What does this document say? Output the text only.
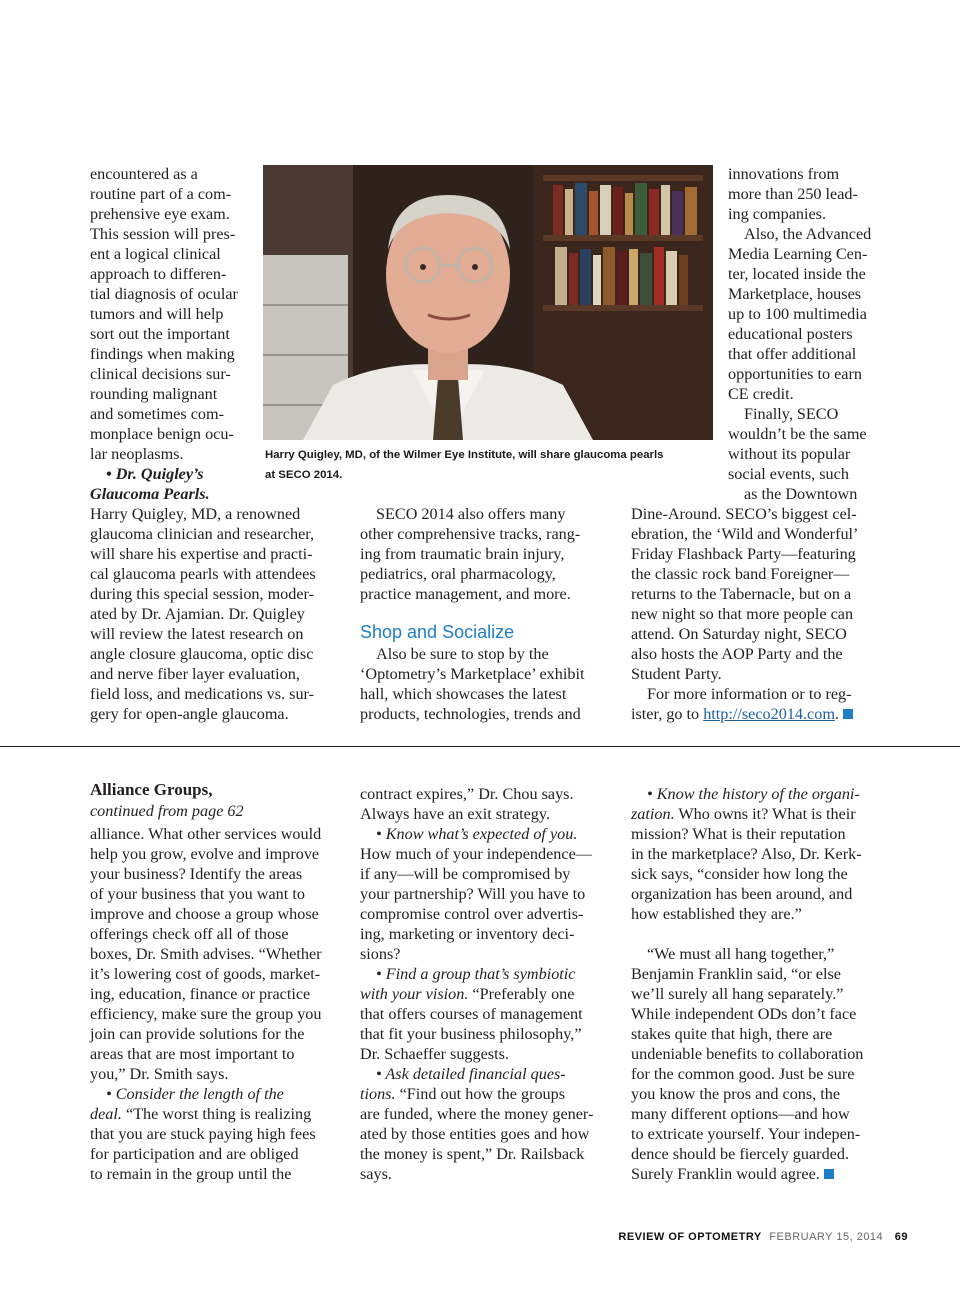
encountered as a
routine part of a com-
prehensive eye exam.
This session will pres-
ent a logical clinical
approach to differen-
tial diagnosis of ocular
tumors and will help
sort out the important
findings when making
clinical decisions sur-
rounding malignant
and sometimes com-
monplace benign ocu-
lar neoplasms.
• Dr. Quigley’s
Glaucoma Pearls.
Harry Quigley, MD, a renowned
glaucoma clinician and researcher,
will share his expertise and practi-
cal glaucoma pearls with attendees
during this special session, moder-
ated by Dr. Ajamian. Dr. Quigley
will review the latest research on
angle closure glaucoma, optic disc
and nerve fiber layer evaluation,
field loss, and medications vs. sur-
gery for open-angle glaucoma.
Harry Quigley, MD, of the Wilmer Eye Institute, will share glaucoma pearls
at SECO 2014.
SECO 2014 also offers many
other comprehensive tracks, rang-
ing from traumatic brain injury,
pediatrics, oral pharmacology,
practice management, and more.
Shop and Socialize
Also be sure to stop by the
‘Optometry’s Marketplace’ exhibit
hall, which showcases the latest
products, technologies, trends and
innovations from
more than 250 lead-
ing companies.
Also, the Advanced
Media Learning Cen-
ter, located inside the
Marketplace, houses
up to 100 multimedia
educational posters
that offer additional
opportunities to earn
CE credit.
Finally, SECO
wouldn’t be the same
without its popular
social events, such
as the Downtown
Dine-Around. SECO’s biggest cel-
ebration, the ‘Wild and Wonderful’
Friday Flashback Party—featuring
the classic rock band Foreigner—
returns to the Tabernacle, but on a
new night so that more people can
attend. On Saturday night, SECO
also hosts the AOP Party and the
Student Party.
For more information or to reg-
ister, go to http://seco2014.com.
Alliance Groups,
continued from page 62
alliance. What other services would
help you grow, evolve and improve
your business? Identify the areas
of your business that you want to
improve and choose a group whose
offerings check off all of those
boxes, Dr. Smith advises. “Whether
it’s lowering cost of goods, market-
ing, education, finance or practice
efficiency, make sure the group you
join can provide solutions for the
areas that are most important to
you,” Dr. Smith says.
• Consider the length of the
deal. “The worst thing is realizing
that you are stuck paying high fees
for participation and are obliged
to remain in the group until the
contract expires,” Dr. Chou says.
Always have an exit strategy.
• Know what’s expected of you.
How much of your independence—
if any—will be compromised by
your partnership? Will you have to
compromise control over advertis-
ing, marketing or inventory deci-
sions?
• Find a group that’s symbiotic
with your vision. “Preferably one
that offers courses of management
that fit your business philosophy,”
Dr. Schaeffer suggests.
• Ask detailed financial ques-
tions. “Find out how the groups
are funded, where the money gener-
ated by those entities goes and how
the money is spent,” Dr. Railsback
says.
• Know the history of the organi-
zation. Who owns it? What is their
mission? What is their reputation
in the marketplace? Also, Dr. Kerk-
sick says, “consider how long the
organization has been around, and
how established they are.”
“We must all hang together,”
Benjamin Franklin said, “or else
we’ll surely all hang separately.”
While independent ODs don’t face
stakes quite that high, there are
undeniable benefits to collaboration
for the common good. Just be sure
you know the pros and cons, the
many different options—and how
to extricate yourself. Your indepen-
dence should be fiercely guarded.
Surely Franklin would agree.
REVIEW OF OPTOMETRY FEBRUARY 15, 2014 69
